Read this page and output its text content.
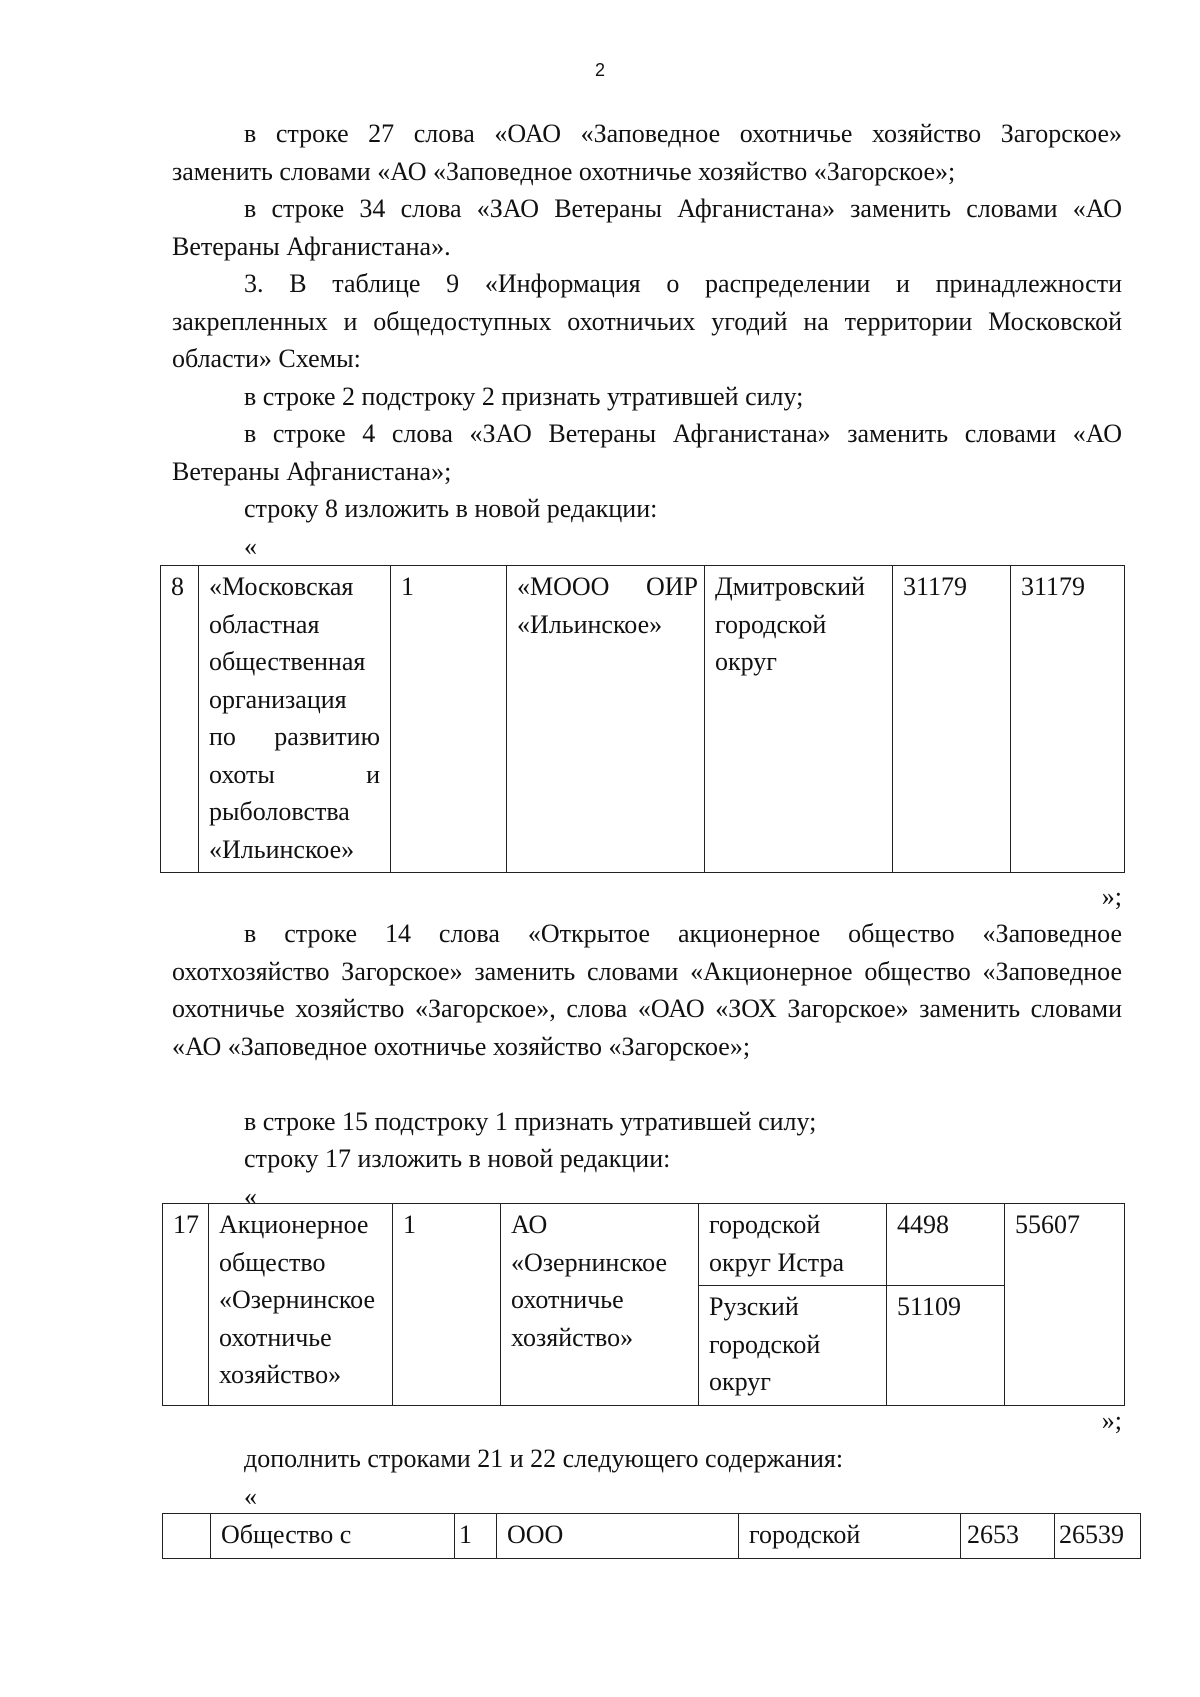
2
в строке 27 слова «ОАО «Заповедное охотничье хозяйство Загорское» заменить словами «АО «Заповедное охотничье хозяйство «Загорское»;
в строке 34 слова «ЗАО Ветераны Афганистана» заменить словами «АО Ветераны Афганистана».
3. В таблице 9 «Информация о распределении и принадлежности закрепленных и общедоступных охотничьих угодий на территории Московской области» Схемы:
в строке 2 подстроку 2 признать утратившей силу;
в строке 4 слова «ЗАО Ветераны Афганистана» заменить словами «АО Ветераны Афганистана»;
строку 8 изложить в новой редакции:
«
8	«Московская областная общественная организация по развитию охоты и рыболовства «Ильинское»	1	«МООО ОИР «Ильинское»	Дмитровский городской округ	31179	31179
»;
в строке 14 слова «Открытое акционерное общество «Заповедное охотхозяйство Загорское» заменить словами «Акционерное общество «Заповедное охотничье хозяйство «Загорское», слова «ОАО «ЗОХ Загорское» заменить словами «АО «Заповедное охотничье хозяйство «Загорское»;
в строке 15 подстроку 1 признать утратившей силу;
строку 17 изложить в новой редакции:
«
17	Акционерное общество «Озернинское охотничье хозяйство»	1	АО «Озернинское охотничье хозяйство»	городской округ Истра	4498	55607
				Рузский городской округ	51109	
»;
дополнить строками 21 и 22 следующего содержания:
«
	Общество с	1	ООО	городской	2653	26539
